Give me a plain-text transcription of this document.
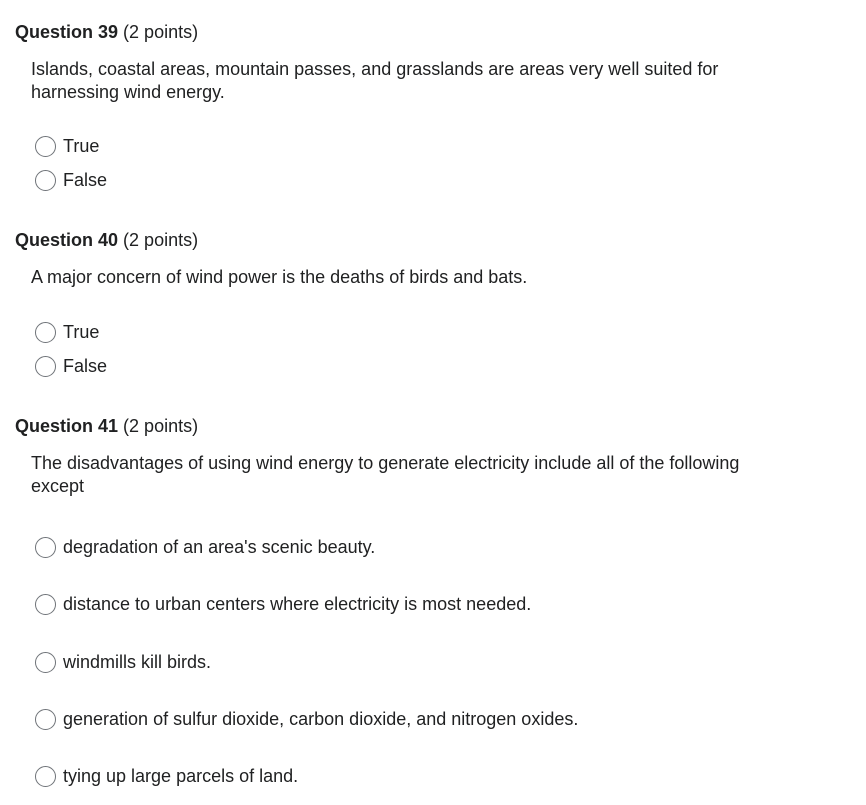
Question 39 (2 points)
Islands, coastal areas, mountain passes, and grasslands are areas very well suited for harnessing wind energy.
True
False
Question 40 (2 points)
A major concern of wind power is the deaths of birds and bats.
True
False
Question 41 (2 points)
The disadvantages of using wind energy to generate electricity include all of the following except
degradation of an area's scenic beauty.
distance to urban centers where electricity is most needed.
windmills kill birds.
generation of sulfur dioxide, carbon dioxide, and nitrogen oxides.
tying up large parcels of land.
